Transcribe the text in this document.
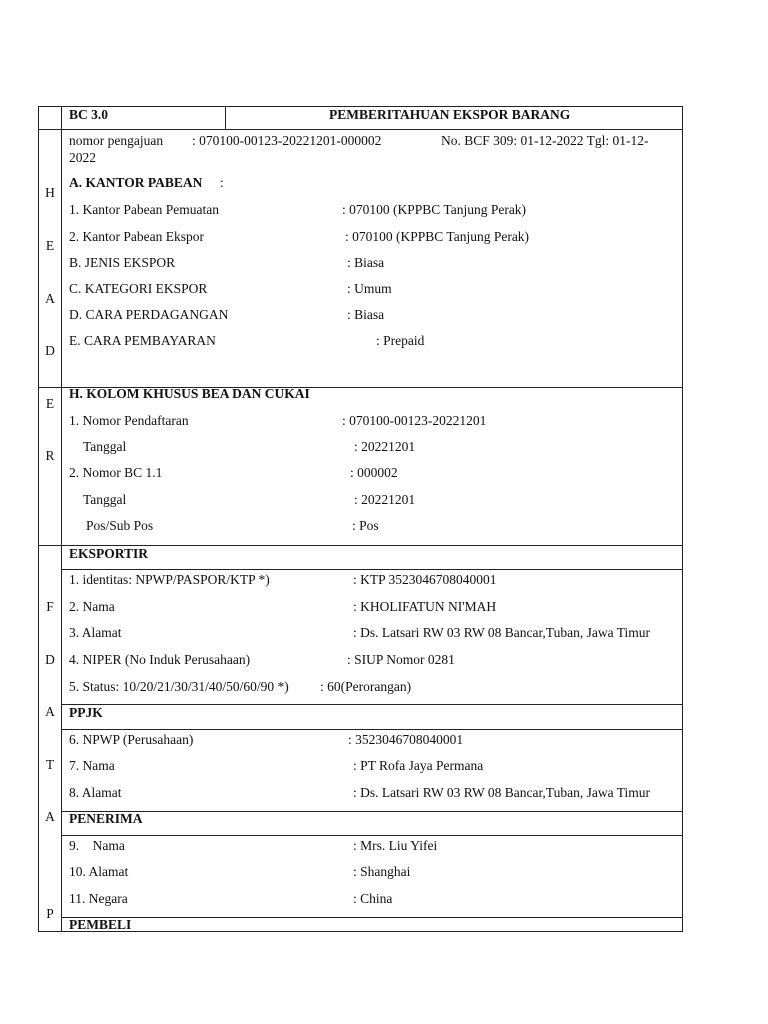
BC 3.0	PEMBERITAHUAN EKSPOR BARANG
H
E
A
D
E
R
F
D
A
T
A
P
nomor pengajuan : 070100-00123-20221201-000002	No. BCF 309: 01-12-2022 Tgl: 01-12-
2022
A. KANTOR PABEAN :
1. Kantor Pabean Pemuatan	: 070100 (KPPBC Tanjung Perak)
2. Kantor Pabean Ekspor	: 070100 (KPPBC Tanjung Perak)
B. JENIS EKSPOR	: Biasa
C. KATEGORI EKSPOR	: Umum
D. CARA PERDAGANGAN	: Biasa
E. CARA PEMBAYARAN	: Prepaid
H. KOLOM KHUSUS BEA DAN CUKAI
1. Nomor Pendaftaran	: 070100-00123-20221201
Tanggal	: 20221201
2. Nomor BC 1.1	: 000002
Tanggal	: 20221201
Pos/Sub Pos	: Pos
EKSPORTIR
1. identitas: NPWP/PASPOR/KTP *)	: KTP 3523046708040001
2. Nama	: KHOLIFATUN NI'MAH
3. Alamat	: Ds. Latsari RW 03 RW 08 Bancar,Tuban, Jawa Timur
4. NIPER (No Induk Perusahaan)	: SIUP Nomor 0281
5. Status: 10/20/21/30/31/40/50/60/90 *) : 60(Perorangan)
PPJK
6. NPWP (Perusahaan)	: 3523046708040001
7. Nama	: PT Rofa Jaya Permana
8. Alamat	: Ds. Latsari RW 03 RW 08 Bancar,Tuban, Jawa Timur
PENERIMA
9.    Nama	: Mrs. Liu Yifei
10. Alamat	: Shanghai
11. Negara	: China
PEMBELI
